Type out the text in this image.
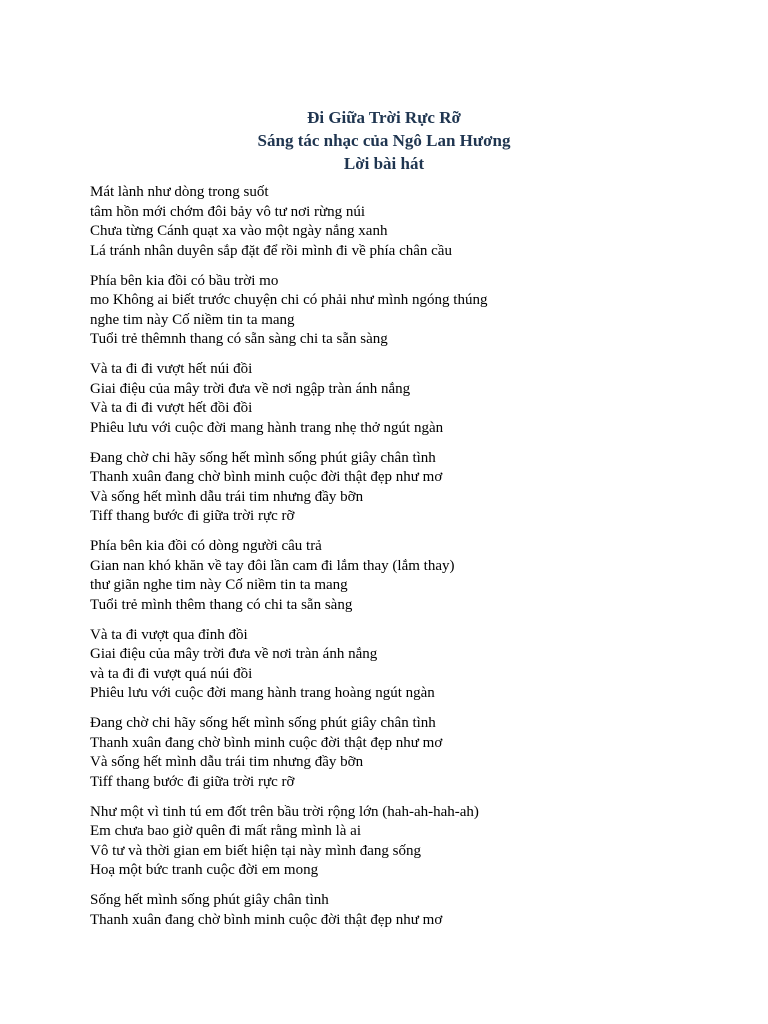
Đi Giữa Trời Rực Rỡ
Sáng tác nhạc của Ngô Lan Hương
Lời bài hát
Mát lành như dòng trong suốt
tâm hồn mới chớm đôi bảy vô tư nơi rừng núi
Chưa từng Cánh quạt xa vào một ngày nắng xanh
Lá tránh nhân duyên sắp đặt để rồi mình đi về phía chân cầu
Phía bên kia đồi có bầu trời mo
mo Không ai biết trước chuyện chi có phải như mình ngóng thúng
nghe tim này Cố niềm tin ta mang
Tuổi trẻ thêmnh thang có sẵn sàng chi ta sẵn sàng
Và ta đi đi vượt hết núi đồi
Giai điệu của mây trời đưa về nơi ngập tràn ánh nắng
Và ta đi đi vượt hết đồi đồi
Phiêu lưu với cuộc đời mang hành trang nhẹ thở ngút ngàn
Đang chờ chi hãy sống hết mình sống phút giây chân tình
Thanh xuân đang chờ bình minh cuộc đời thật đẹp như mơ
Và sống hết mình dẫu trái tim nhưng đầy bỡn
Tiff thang bước đi giữa trời rực rỡ
Phía bên kia đồi có dòng người câu trả
Gian nan khó khăn về tay đôi lần cam đi lắm thay (lắm thay)
thư giãn nghe tim này Cố niềm tin ta mang
Tuổi trẻ mình thêm thang có chi ta sẵn sàng
Và ta đi vượt qua đỉnh đồi
Giai điệu của mây trời đưa về nơi tràn ánh nắng
và ta đi đi vượt quá núi đồi
Phiêu lưu với cuộc đời mang hành trang hoàng ngút ngàn
Đang chờ chi hãy sống hết mình sống phút giây chân tình
Thanh xuân đang chờ bình minh cuộc đời thật đẹp như mơ
Và sống hết mình dẫu trái tim nhưng đầy bỡn
Tiff thang bước đi giữa trời rực rỡ
Như một vì tinh tú em đốt trên bầu trời rộng lớn (hah-ah-hah-ah)
Em chưa bao giờ quên đi mất rằng mình là ai
Vô tư và thời gian em biết hiện tại này mình đang sống
Hoạ một bức tranh cuộc đời em mong
Sống hết mình sống phút giây chân tình
Thanh xuân đang chờ bình minh cuộc đời thật đẹp như mơ
